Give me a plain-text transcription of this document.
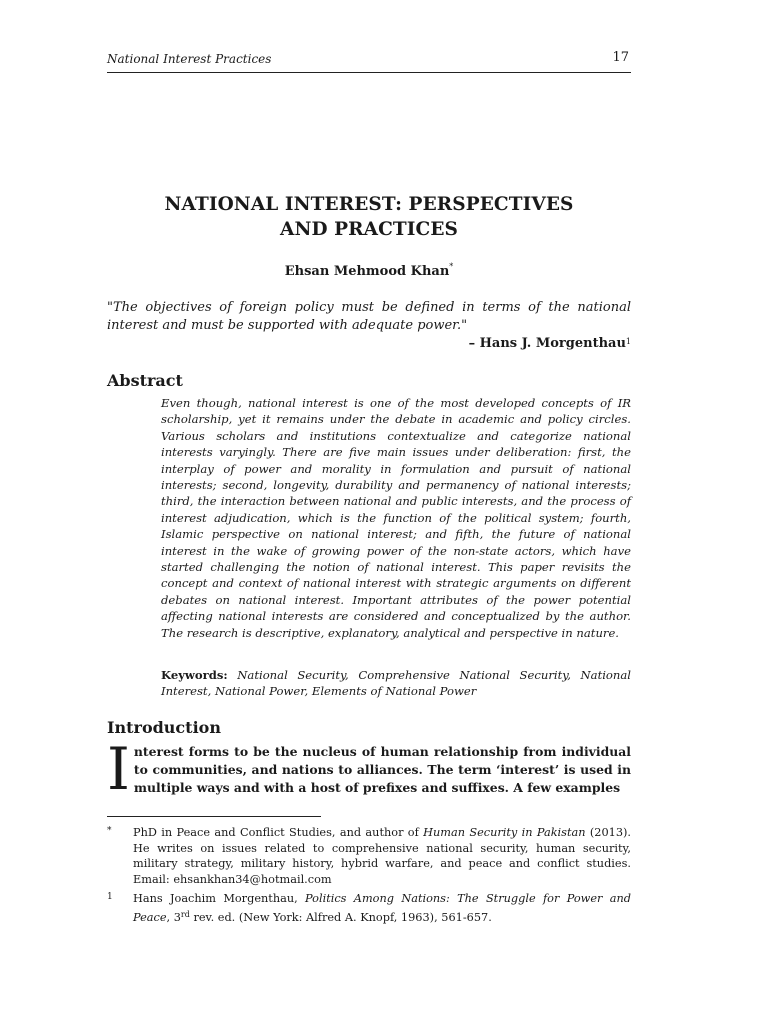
National Interest Practices	17
NATIONAL INTEREST: PERSPECTIVES
AND PRACTICES
Ehsan Mehmood Khan*
"The objectives of foreign policy must be defined in terms of the national interest and must be supported with adequate power."
– Hans J. Morgenthau$^1$
Abstract
Even though, national interest is one of the most developed concepts of IR scholarship, yet it remains under the debate in academic and policy circles. Various scholars and institutions contextualize and categorize national interests varyingly. There are five main issues under deliberation: first, the interplay of power and morality in formulation and pursuit of national interests; second, longevity, durability and permanency of national interests; third, the interaction between national and public interests, and the process of interest adjudication, which is the function of the political system; fourth, Islamic perspective on national interest; and fifth, the future of national interest in the wake of growing power of the non-state actors, which have started challenging the notion of national interest. This paper revisits the concept and context of national interest with strategic arguments on different debates on national interest. Important attributes of the power potential affecting national interests are considered and conceptualized by the author. The research is descriptive, explanatory, analytical and perspective in nature.
Keywords: National Security, Comprehensive National Security, National Interest, National Power, Elements of National Power
Introduction
Interest forms to be the nucleus of human relationship from individual to communities, and nations to alliances. The term ‘interest’ is used in multiple ways and with a host of prefixes and suffixes. A few examples
* PhD in Peace and Conflict Studies, and author of Human Security in Pakistan (2013). He writes on issues related to comprehensive national security, human security, military strategy, military history, hybrid warfare, and peace and conflict studies. Email: ehsankhan34@hotmail.com
1 Hans Joachim Morgenthau, Politics Among Nations: The Struggle for Power and Peace, 3rd rev. ed. (New York: Alfred A. Knopf, 1963), 561-657.
